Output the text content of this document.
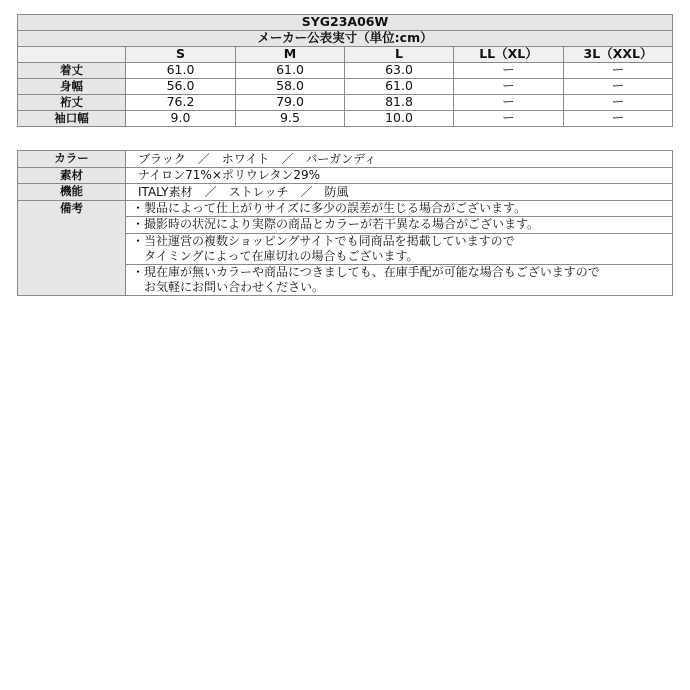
SYG23A06W					
メーカー公表実寸（単位:cm）					
	S	M	L	LL（XL）	3L（XXL）
着丈	61.0	61.0	63.0	ー	ー
身幅	56.0	58.0	61.0	ー	ー
裄丈	76.2	79.0	81.8	ー	ー
袖口幅	9.0	9.5	10.0	ー	ー
カラー	ブラック　／　ホワイト　／　バーガンディ
素材	ナイロン71%×ポリウレタン29%
機能	ITALY素材　／　ストレッチ　／　防風
備考	・製品によって仕上がりサイズに多少の誤差が生じる場合がございます。

	・撮影時の状況により実際の商品とカラーが若干異なる場合がございます。

	・当社運営の複数ショッピングサイトでも同商品を掲載していますので
　タイミングによって在庫切れの場合もございます。

	・現在庫が無いカラーや商品につきましても、在庫手配が可能な場合もございますので
　お気軽にお問い合わせください。
